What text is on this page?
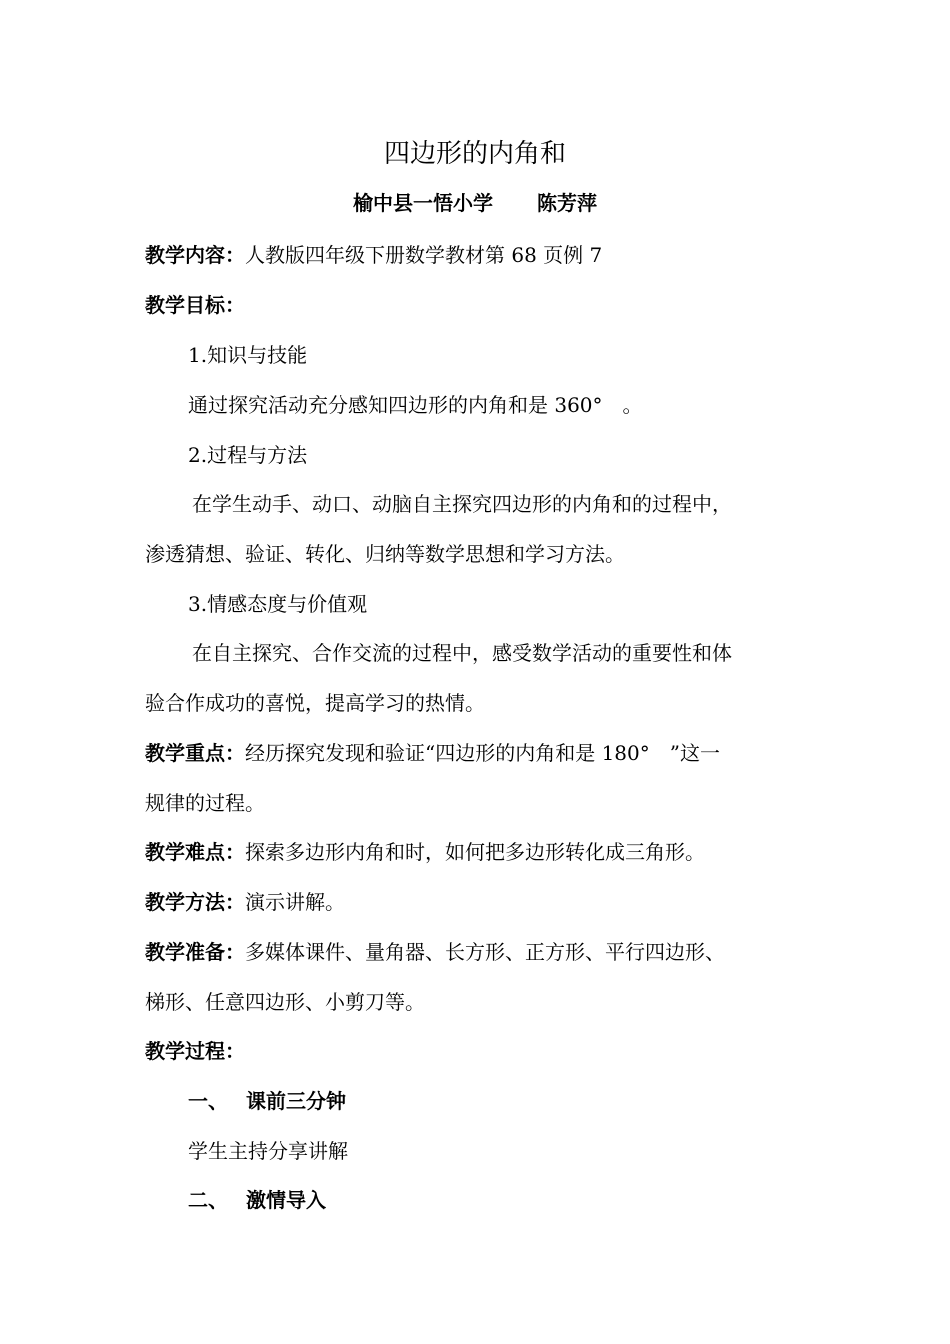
四边形的内角和
榆中县一悟小学 陈芳萍
教学内容：人教版四年级下册数学教材第 68 页例 7
教学目标：
1.知识与技能
通过探究活动充分感知四边形的内角和是 360°　。
2.过程与方法
在学生动手、动口、动脑自主探究四边形的内角和的过程中，
渗透猜想、验证、转化、归纳等数学思想和学习方法。
3.情感态度与价值观
在自主探究、合作交流的过程中，感受数学活动的重要性和体
验合作成功的喜悦，提高学习的热情。
教学重点：经历探究发现和验证“四边形的内角和是 180°　”这一
规律的过程。
教学难点：探索多边形内角和时，如何把多边形转化成三角形。
教学方法：演示讲解。
教学准备：多媒体课件、量角器、长方形、正方形、平行四边形、
梯形、任意四边形、小剪刀等。
教学过程：
一、 课前三分钟
学生主持分享讲解
二、 激情导入
